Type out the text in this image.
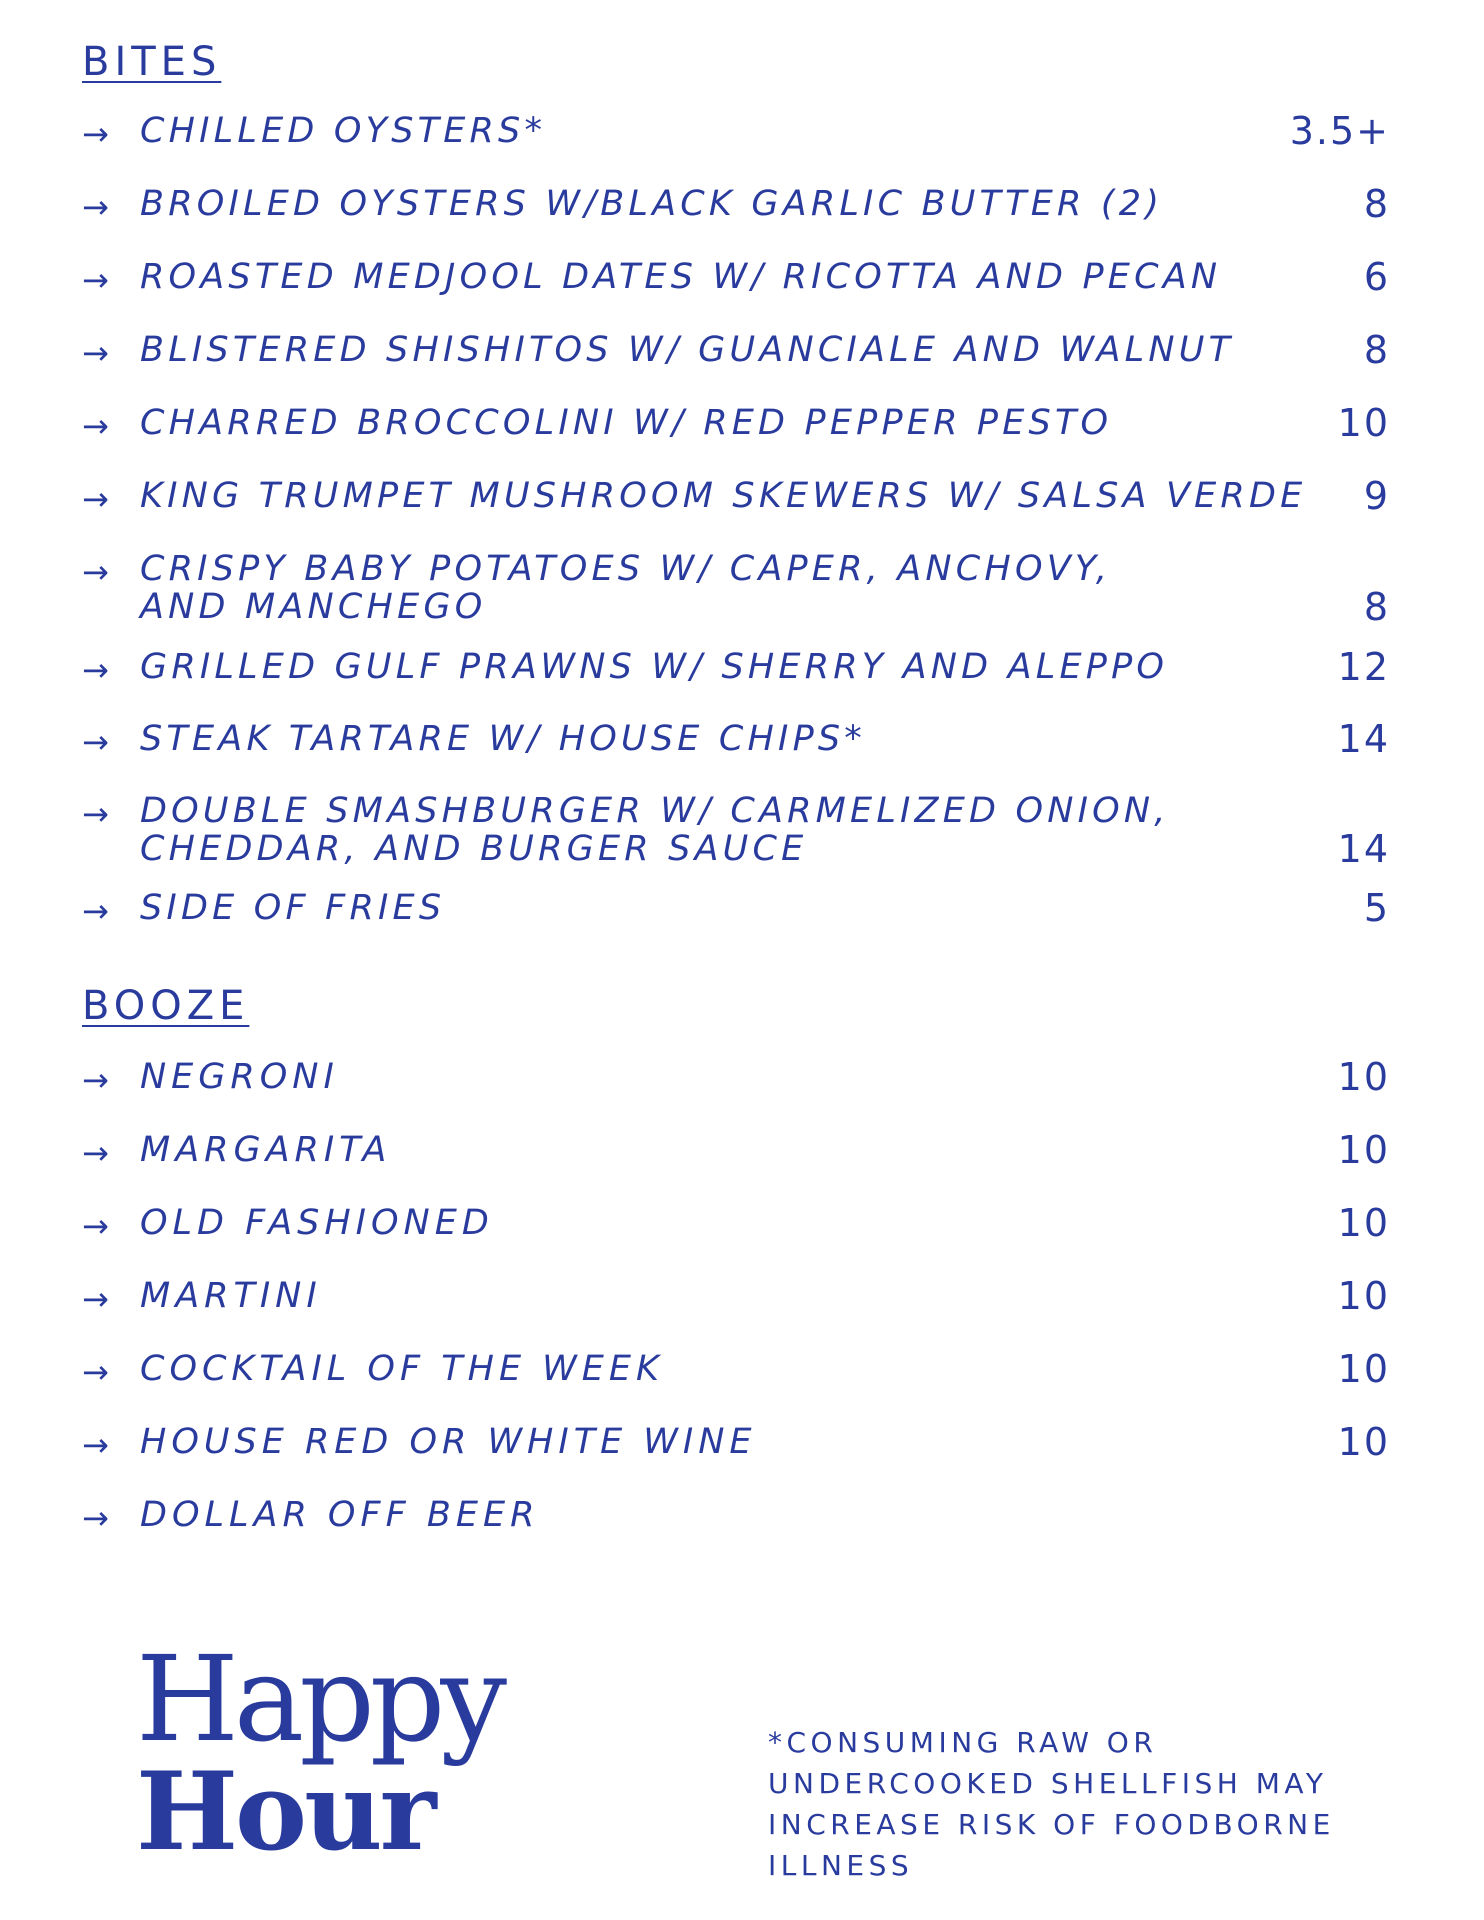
BITES
→ CHILLED OYSTERS*	3.5+
→ BROILED OYSTERS W/BLACK GARLIC BUTTER (2)	8
→ ROASTED MEDJOOL DATES W/ RICOTTA AND PECAN	6
→ BLISTERED SHISHITOS W/ GUANCIALE AND WALNUT	8
→ CHARRED BROCCOLINI W/ RED PEPPER PESTO	10
→ KING TRUMPET MUSHROOM SKEWERS W/ SALSA VERDE 9
→ CRISPY BABY POTATOES W/ CAPER, ANCHOVY,
AND MANCHEGO	8
→ GRILLED GULF PRAWNS W/ SHERRY AND ALEPPO	12
→ STEAK TARTARE W/ HOUSE CHIPS*	14
→ DOUBLE SMASHBURGER W/ CARMELIZED ONION,
CHEDDAR, AND BURGER SAUCE	14
→ SIDE OF FRIES	5
BOOZE
→ NEGRONI	10
→ MARGARITA	10
→ OLD FASHIONED	10
→ MARTINI	10
→ COCKTAIL OF THE WEEK	10
→ HOUSE RED OR WHITE WINE	10
→ DOLLAR OFF BEER
Happy
Hour

*CONSUMING RAW OR UNDERCOOKED SHELLFISH MAY INCREASE RISK OF FOODBORNE ILLNESS
